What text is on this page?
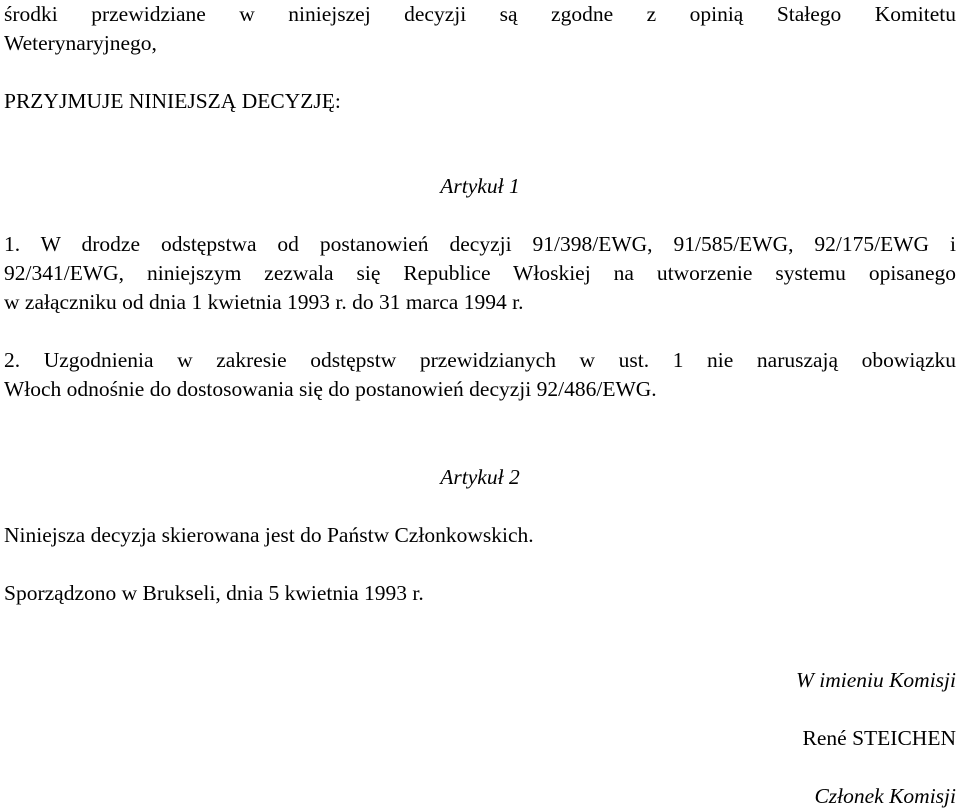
środki przewidziane w niniejszej decyzji są zgodne z opinią Stałego Komitetu
Weterynaryjnego,
PRZYJMUJE NINIEJSZĄ DECYZJĘ:
Artykuł 1
1. W drodze odstępstwa od postanowień decyzji 91/398/EWG, 91/585/EWG, 92/175/EWG i
92/341/EWG, niniejszym zezwala się Republice Włoskiej na utworzenie systemu opisanego
w załączniku od dnia 1 kwietnia 1993 r. do 31 marca 1994 r.
2. Uzgodnienia w zakresie odstępstw przewidzianych w ust. 1 nie naruszają obowiązku
Włoch odnośnie do dostosowania się do postanowień decyzji 92/486/EWG.
Artykuł 2
Niniejsza decyzja skierowana jest do Państw Członkowskich.
Sporządzono w Brukseli, dnia 5 kwietnia 1993 r.
W imieniu Komisji
René STEICHEN
Członek Komisji
